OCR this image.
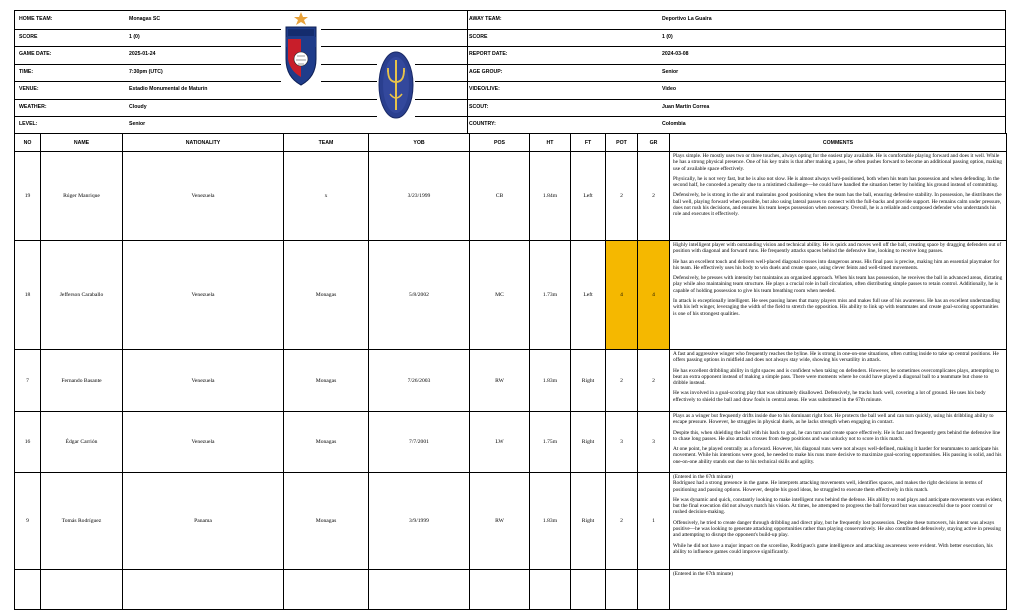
HOME TEAM:	Monagas SC	AWAY TEAM:	Deportivo La Guaira
SCORE	1 (0)	SCORE	1 (0)
GAME DATE:	2025-01-24	REPORT DATE:	2024-03-08
TIME:	7:30pm (UTC)	AGE GROUP:	Senior
VENUE:	Estadio Monumental de Maturín	VIDEO/LIVE:	Video
WEATHER:	Cloudy	SCOUT:	Juan Martín Correa
LEVEL:	Senior	COUNTRY:	Colombia
NO	NAME	NATIONALITY	TEAM	YOB	POS	HT	FT	POT	GR	COMMENTS
19	Rúger Manrique	Venezuela	x	3/23/1999	CB	1.84m	Left	2	2	Plays simple. He mostly uses two or three touches, always opting for the easiest play available. He is comfortable playing forward and does it well. While he has a strong physical presence. One of his key traits is that after making a pass, he often pushes forward to become an additional passing option, making use of available space effectively.

Physically, he is not very fast, but he is also not slow. He is almost always well-positioned, both when his team has possession and when defending. In the second half, he conceded a penalty due to a mistimed challenge—he could have handled the situation better by holding his ground instead of committing.

Defensively, he is strong in the air and maintains good positioning when the team has the ball, ensuring defensive stability. In possession, he distributes the ball well, playing forward when possible, but also using lateral passes to connect with the full-backs and provide support. He remains calm under pressure, does not rush his decisions, and ensures his team keeps possession when necessary. Overall, he is a reliable and composed defender who understands his role and executes it effectively.

18	Jefferson Caraballo	Venezuela	Monagas	5/8/2002	MC	1.73m	Left	4	4	Highly intelligent player with outstanding vision and technical ability. He is quick and moves well off the ball, creating space by dragging defenders out of position with diagonal and forward runs. He frequently attacks spaces behind the defensive line, looking to receive long passes.

He has an excellent touch and delivers well-placed diagonal crosses into dangerous areas. His final pass is precise, making him an essential playmaker for his team. He effectively uses his body to win duels and create space, using clever feints and well-timed movements.

Defensively, he presses with intensity but maintains an organized approach. When his team has possession, he receives the ball in advanced areas, dictating play while also maintaining team structure. He plays a crucial role in ball circulation, often distributing simple passes to retain control. Additionally, he is capable of holding possession to give his team breathing room when needed.

In attack is exceptionally intelligent. He sees passing lanes that many players miss and makes full use of his awareness. He has an excellent understanding with his left winger, leveraging the width of the field to stretch the opposition. His ability to link up with teammates and create goal-scoring opportunities is one of his strongest qualities.

7	Fernando Basante	Venezuela	Monagas	7/26/2003	RW	1.83m	Right	2	2	A fast and aggressive winger who frequently reaches the byline. He is strong in one-on-one situations, often cutting inside to take up central positions. He offers passing options in midfield and does not always stay wide, showing his versatility in attack.

He has excellent dribbling ability in tight spaces and is confident when taking on defenders. However, he sometimes overcomplicates plays, attempting to beat an extra opponent instead of making a simple pass. There were moments where he could have played a diagonal ball to a teammate but chose to dribble instead.

He was involved in a goal-scoring play that was ultimately disallowed. Defensively, he tracks back well, covering a lot of ground. He uses his body effectively to shield the ball and draw fouls in central areas. He was substituted in the 67th minute.

16	Édgar Carrión	Venezuela	Monagas	7/7/2001	LW	1.75m	Right	3	3	Plays as a winger but frequently drifts inside due to his dominant right foot. He protects the ball well and can turn quickly, using his dribbling ability to escape pressure. However, he struggles in physical duels, as he lacks strength when engaging in contact.

Despite this, when shielding the ball with his back to goal, he can turn and create space effectively. He is fast and frequently gets behind the defensive line to chase long passes. He also attacks crosses from deep positions and was unlucky not to score in this match.

At one point, he played centrally as a forward. However, his diagonal runs were not always well-defined, making it harder for teammates to anticipate his movement. While his intentions were good, he needed to make his runs more decisive to maximize goal-scoring opportunities. His passing is solid, and his one-on-one ability stands out due to his technical skills and agility.

9	Tomás Rodríguez	Panama	Monagas	3/9/1999	RW	1.83m	Right	2	1	(Entered in the 67th minute)
Rodríguez had a strong presence in the game. He interprets attacking movements well, identifies spaces, and makes the right decisions in terms of positioning and passing options. However, despite his good ideas, he struggled to execute them effectively in this match.

He was dynamic and quick, constantly looking to make intelligent runs behind the defense. His ability to read plays and anticipate movements was evident, but the final execution did not always match his vision. At times, he attempted to progress the ball forward but was unsuccessful due to poor control or rushed decision-making.

Offensively, he tried to create danger through dribbling and direct play, but he frequently lost possession. Despite these turnovers, his intent was always positive—he was looking to generate attacking opportunities rather than playing conservatively. He also contributed defensively, staying active in pressing and attempting to disrupt the opponent's build-up play.

While he did not have a major impact on the scoreline, Rodríguez's game intelligence and attacking awareness were evident. With better execution, his ability to influence games could improve significantly.

										(Entered in the 67th minute)
